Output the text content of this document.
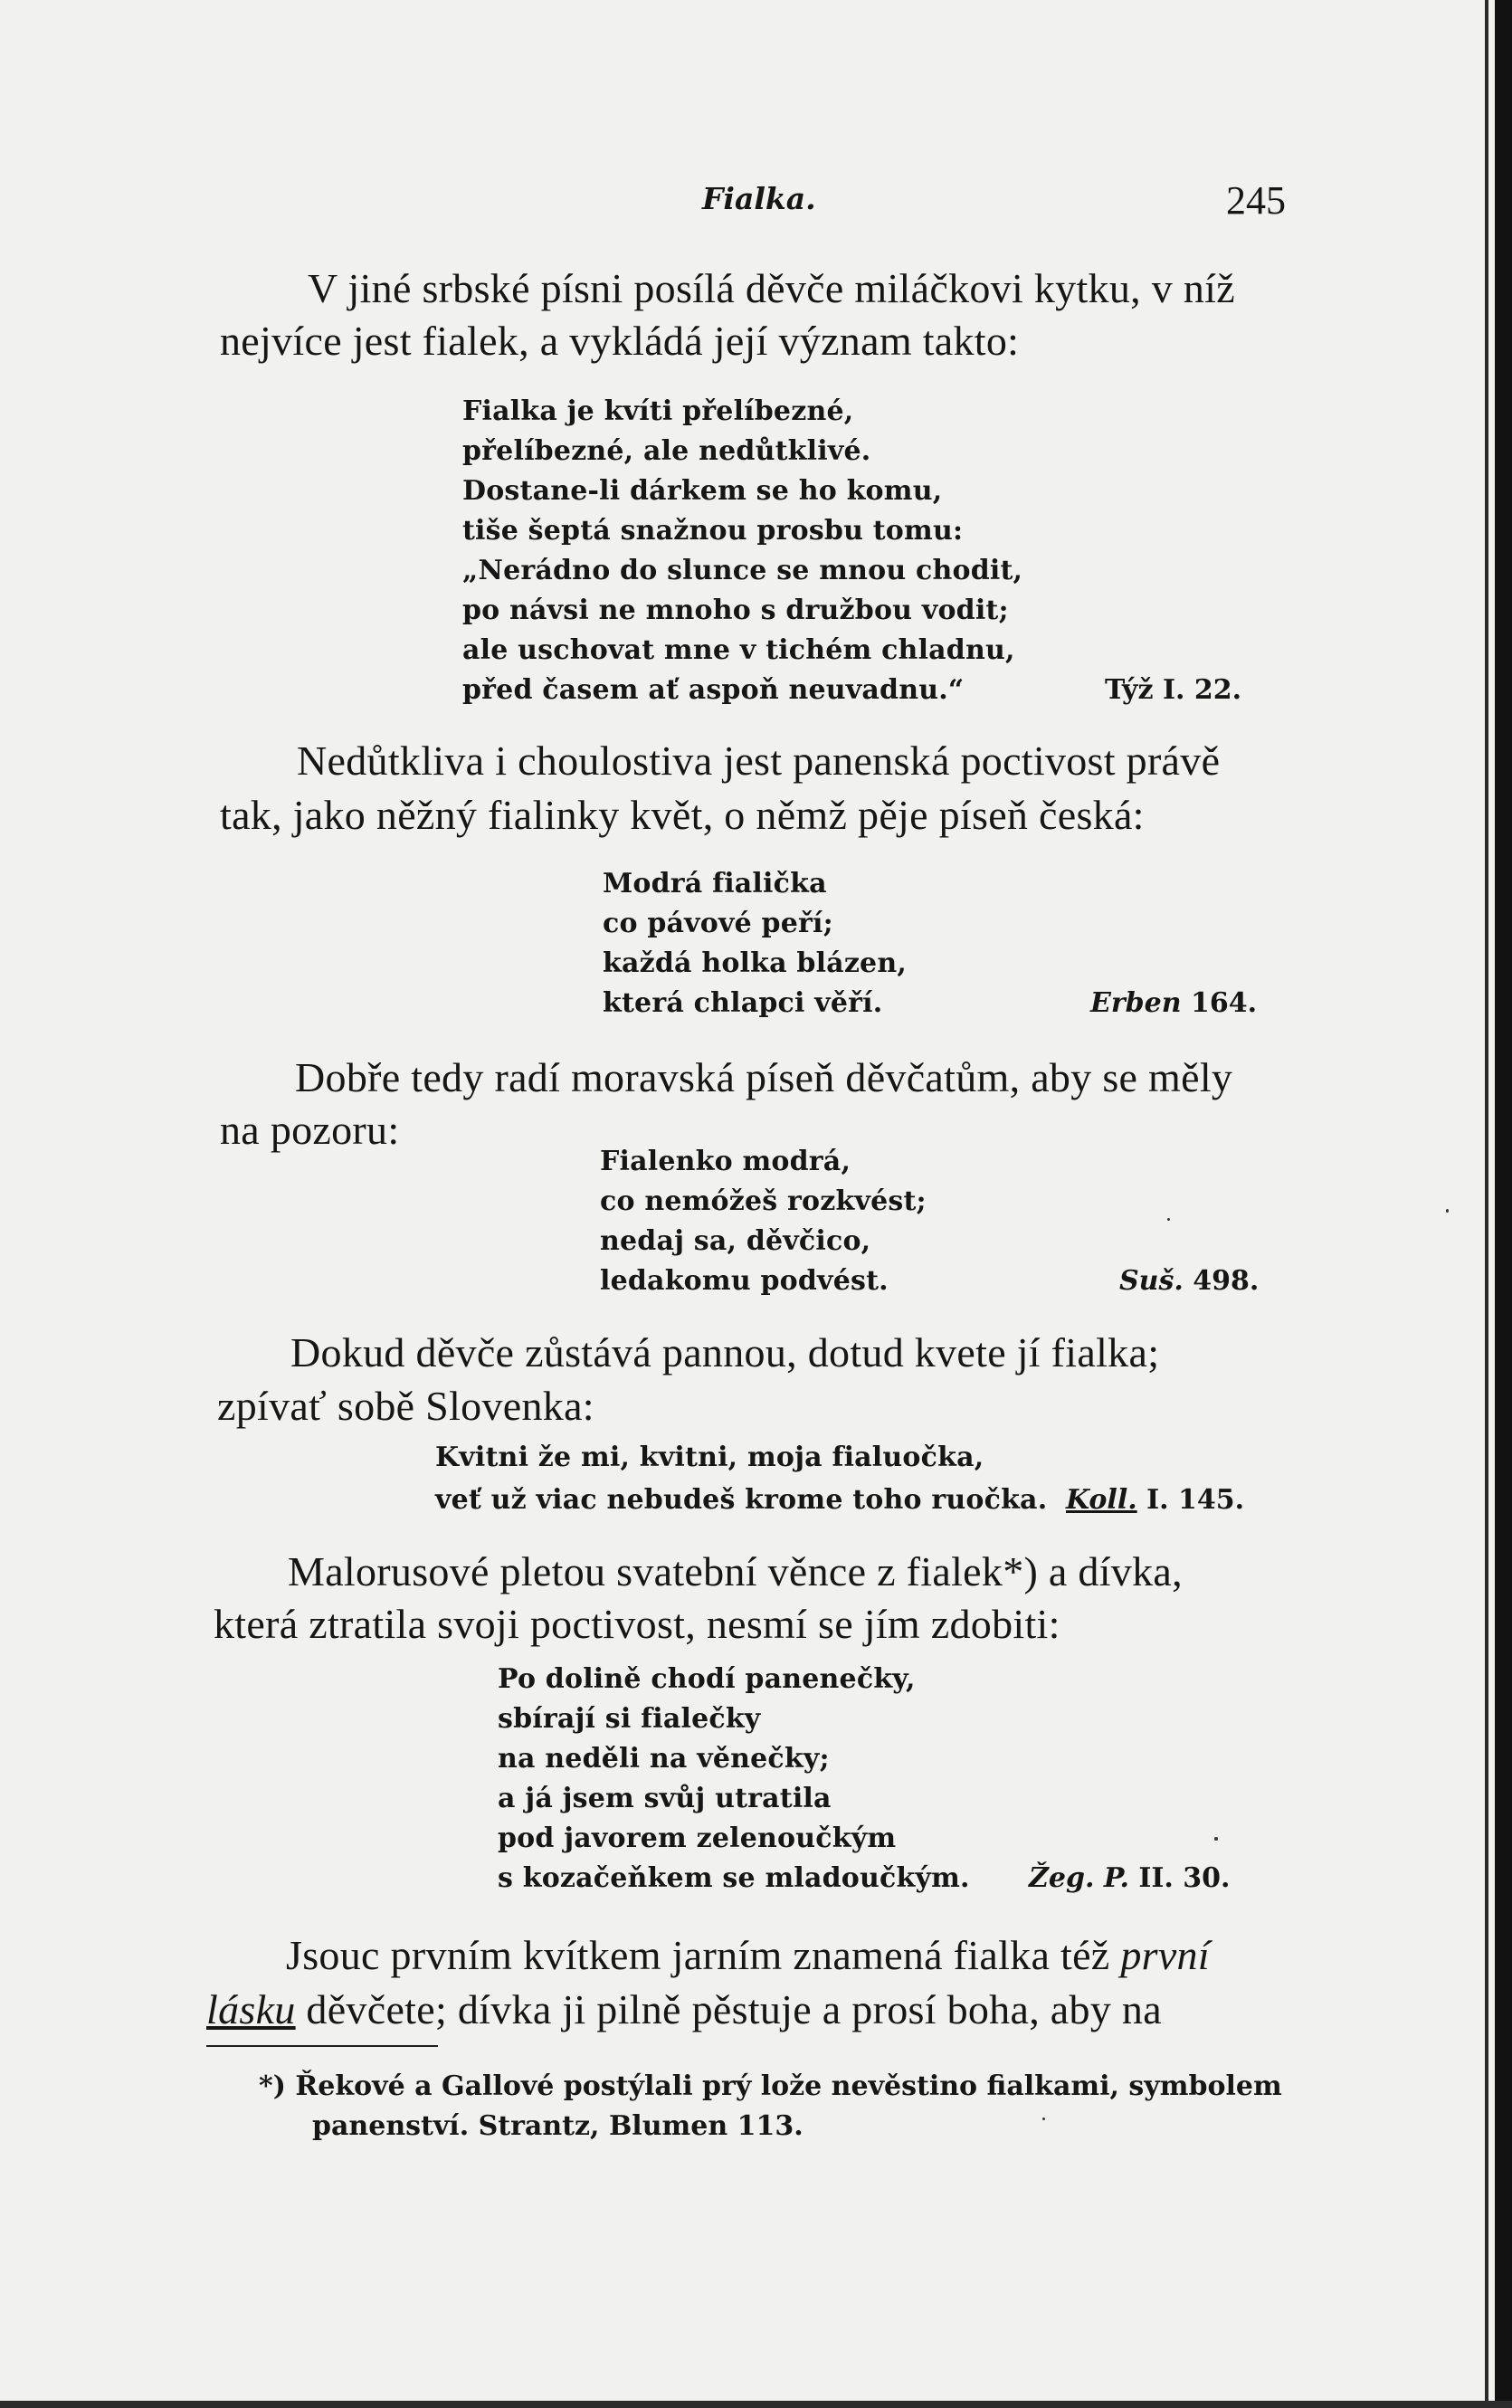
Fialka.	245
V jiné srbské písni posílá děvče miláčkovi kytku, v níž
nejvíce jest fialek, a vykládá její význam takto:
Fialka je kvíti přelíbezné,
přelíbezné, ale nedůtklivé.
Dostane-li dárkem se ho komu,
tiše šeptá snažnou prosbu tomu:
„Nerádno do slunce se mnou chodit,
po návsi ne mnoho s družbou vodit;
ale uschovat mne v tichém chladnu,
před časem ať aspoň neuvadnu.“	Týž I. 22.
Nedůtkliva i choulostiva jest panenská poctivost právě
tak, jako něžný fialinky květ, o němž pěje píseň česká:
Modrá fialička
co pávové peří;
každá holka blázen,
která chlapci věří.	Erben 164.
Dobře tedy radí moravská píseň děvčatům, aby se měly
na pozoru:
Fialenko modrá,
co nemóžeš rozkvést;
nedaj sa, děvčico,
ledakomu podvést.	Suš. 498.
Dokud děvče zůstává pannou, dotud kvete jí fialka;
zpívať sobě Slovenka:
Kvitni že mi, kvitni, moja fialuočka,
veť už viac nebudeš krome toho ruočka. Koll. I. 145.
Malorusové pletou svatební věnce z fialek*) a dívka,
která ztratila svoji poctivost, nesmí se jím zdobiti:
Po dolině chodí panenečky,
sbírají si fialečky
na neděli na věnečky;
a já jsem svůj utratila
pod javorem zelenoučkým
s kozačeňkem se mladoučkým. Žeg. P. II. 30.
Jsouc prvním kvítkem jarním znamená fialka též první
lásku děvčete; dívka ji pilně pěstuje a prosí boha, aby na
*) Řekové a Gallové postýlali prý lože nevěstino fialkami, symbolem
panenství. Strantz, Blumen 113.
